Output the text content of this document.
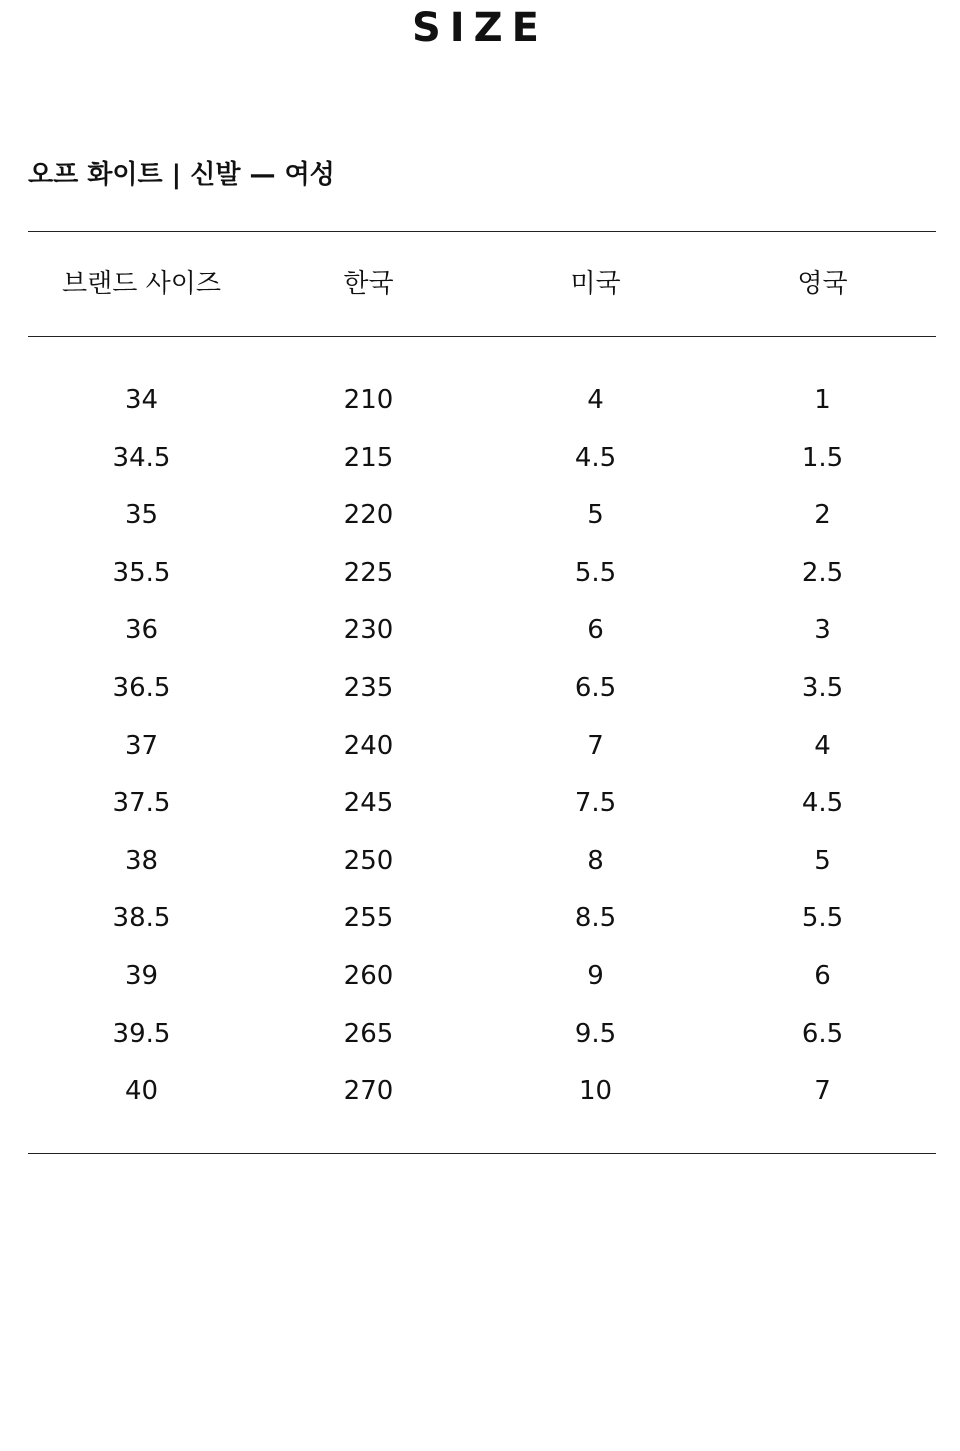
SIZE
오프 화이트 | 신발 — 여성
브랜드 사이즈	한국	미국	영국
34	210	4	1
34.5	215	4.5	1.5
35	220	5	2
35.5	225	5.5	2.5
36	230	6	3
36.5	235	6.5	3.5
37	240	7	4
37.5	245	7.5	4.5
38	250	8	5
38.5	255	8.5	5.5
39	260	9	6
39.5	265	9.5	6.5
40	270	10	7
